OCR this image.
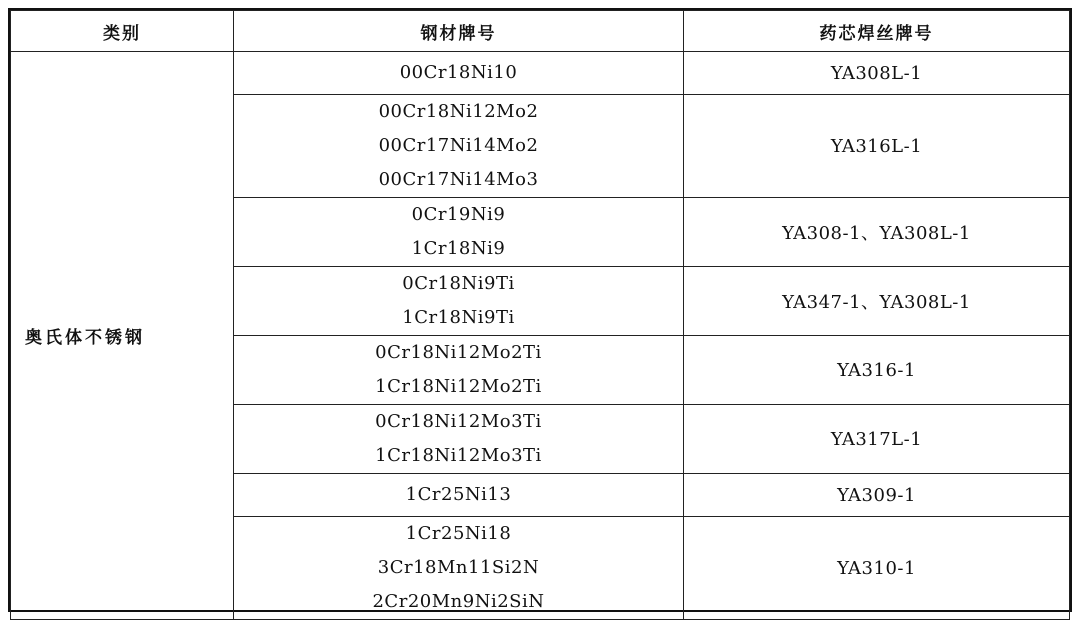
类别	钢材牌号	药芯焊丝牌号
奥氏体不锈钢	00Cr18Ni10	YA308L-1

	00Cr18Ni12Mo2
00Cr17Ni14Mo2
00Cr17Ni14Mo3	YA316L-1

	0Cr19Ni9
1Cr18Ni9	YA308-1、YA308L-1

	0Cr18Ni9Ti
1Cr18Ni9Ti	YA347-1、YA308L-1

	0Cr18Ni12Mo2Ti
1Cr18Ni12Mo2Ti	YA316-1

	0Cr18Ni12Mo3Ti
1Cr18Ni12Mo3Ti	YA317L-1

	1Cr25Ni13	YA309-1

	1Cr25Ni18
3Cr18Mn11Si2N
2Cr20Mn9Ni2SiN	YA310-1
